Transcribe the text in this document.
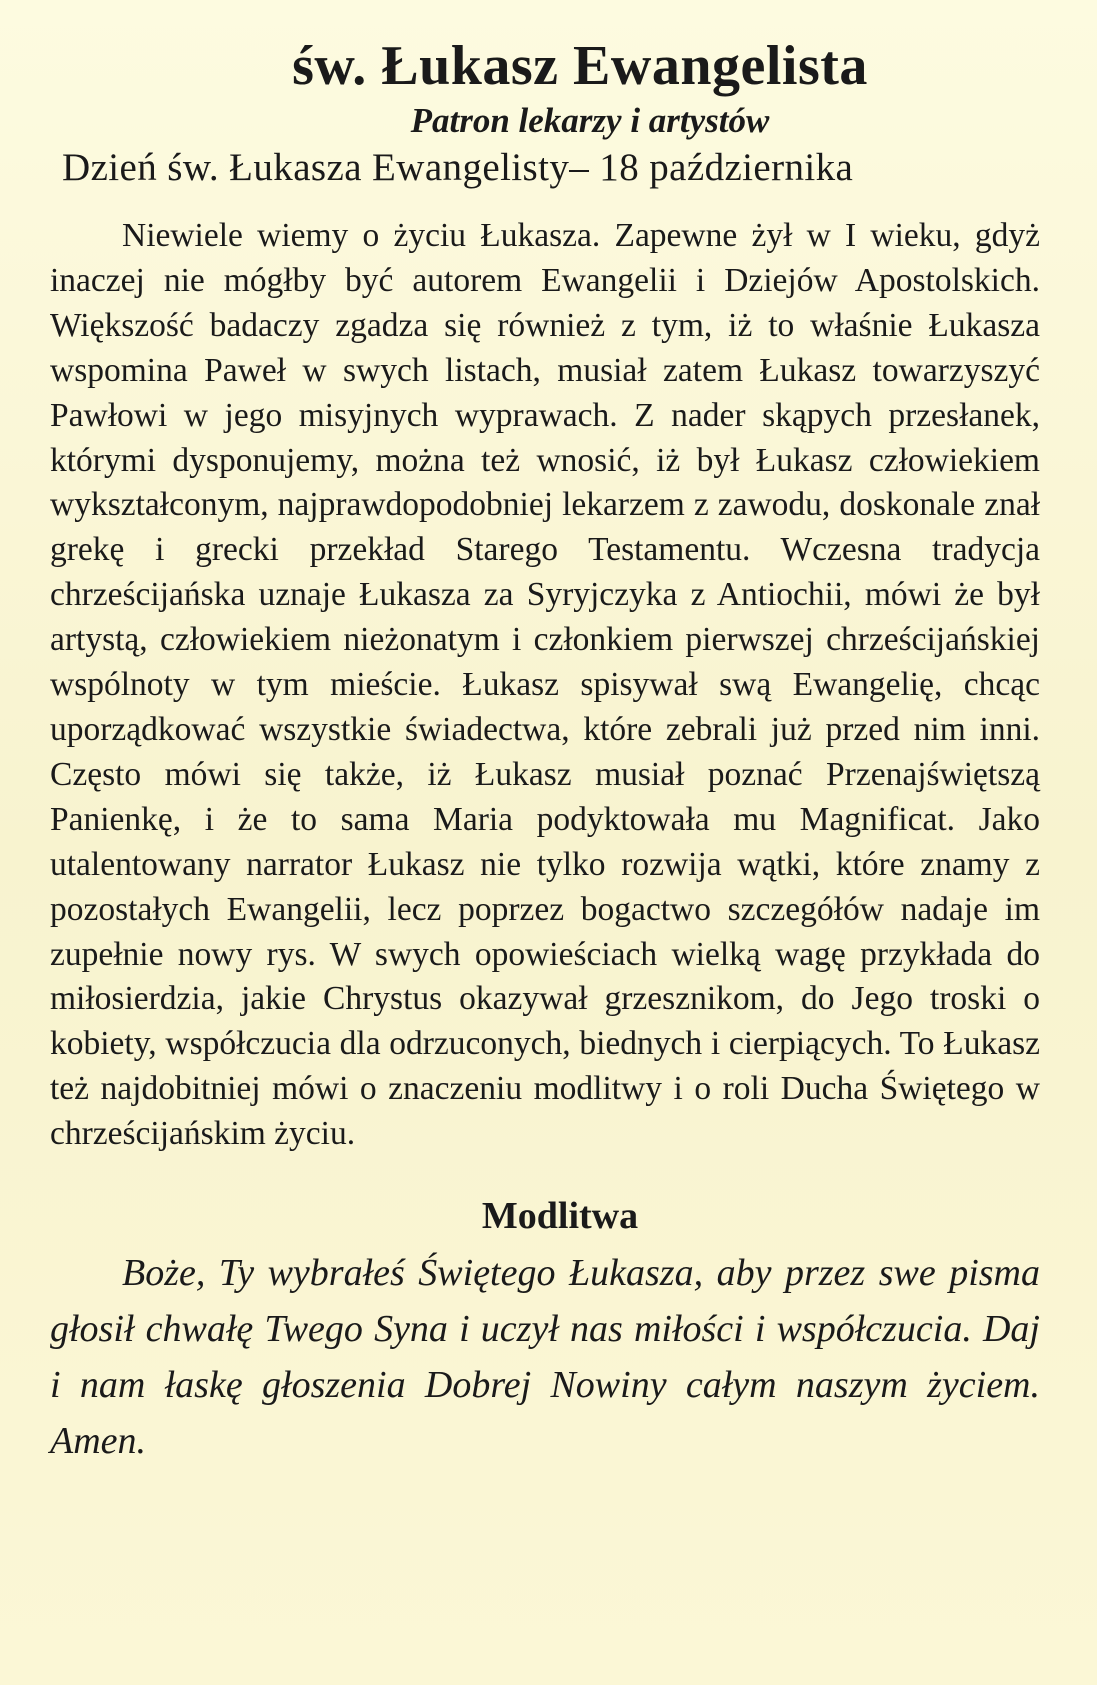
św. Łukasz Ewangelista
Patron lekarzy i artystów
Dzień św. Łukasza Ewangelisty– 18 października

Niewiele wiemy o życiu Łukasza. Zapewne żył w I wieku, gdyż inaczej nie mógłby być autorem Ewangelii i Dziejów Apostolskich. Większość badaczy zgadza się również z tym, iż to właśnie Łukasza wspomina Paweł w swych listach, musiał zatem Łukasz towarzyszyć Pawłowi w jego misyjnych wyprawach. Z nader skąpych przesłanek, którymi dysponujemy, można też wnosić, iż był Łukasz człowiekiem wykształconym, najprawdopodobniej lekarzem z zawodu, doskonale znał grekę i grecki przekład Starego Testamentu. Wczesna tradycja chrześcijańska uznaje Łukasza za Syryjczyka z Antiochii, mówi że był artystą, człowiekiem nieżonatym i członkiem pierwszej chrześcijańskiej wspólnoty w tym mieście. Łukasz spisywał swą Ewangelię, chcąc uporządkować wszystkie świadectwa, które zebrali już przed nim inni. Często mówi się także, iż Łukasz musiał poznać Przenajświętszą Panienkę, i że to sama Maria podyktowała mu Magnificat. Jako utalentowany narrator Łukasz nie tylko rozwija wątki, które znamy z pozostałych Ewangelii, lecz poprzez bogactwo szczegółów nadaje im zupełnie nowy rys. W swych opowieściach wielką wagę przykłada do miłosierdzia, jakie Chrystus okazywał grzesznikom, do Jego troski o kobiety, współczucia dla odrzuconych, biednych i cierpiących. To Łukasz też najdobitniej mówi o znaczeniu modlitwy i o roli Ducha Świętego w chrześcijańskim życiu.

Modlitwa

Boże, Ty wybrałeś Świętego Łukasza, aby przez swe pisma głosił chwałę Twego Syna i uczył nas miłości i współczucia. Daj i nam łaskę głoszenia Dobrej Nowiny całym naszym życiem. Amen.
